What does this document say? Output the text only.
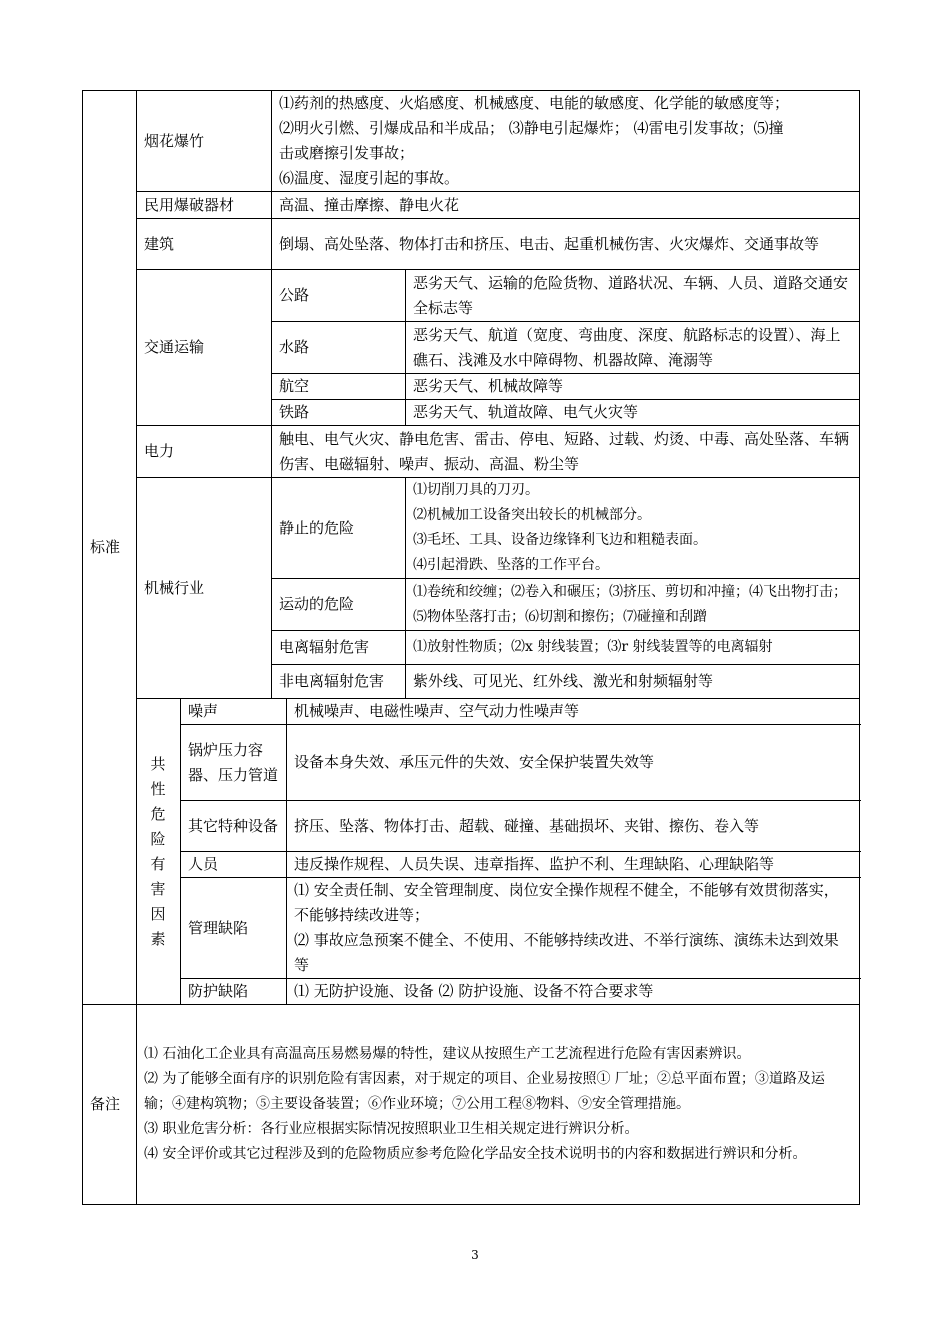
标准	烟花爆竹		⑴药剂的热感度、火焰感度、机械感度、电能的敏感度、化学能的敏感度等；
⑵明火引燃、引爆成品和半成品； ⑶静电引起爆炸； ⑷雷电引发事故；⑸撞
击或磨擦引发事故；
⑹温度、湿度引起的事故。		

	民用爆破器材		高温、撞击摩擦、静电火花		
	建筑		倒塌、高处坠落、物体打击和挤压、电击、起重机械伤害、火灾爆炸、交通事故等		
	交通运输		公路		恶劣天气、运输的危险货物、道路状况、车辆、人员、道路交通安全标志等
			水路		恶劣天气、航道（宽度、弯曲度、深度、航路标志的设置）、海上礁石、浅滩及水中障碍物、机器故障、淹溺等
			航空		恶劣天气、机械故障等
			铁路		恶劣天气、轨道故障、电气火灾等
	电力		触电、电气火灾、静电危害、雷击、停电、短路、过载、灼烫、中毒、高处坠落、车辆伤害、电磁辐射、噪声、振动、高温、粉尘等		
	机械行业		静止的危险		⑴切削刀具的刀刃。
⑵机械加工设备突出较长的机械部分。
⑶毛坯、工具、设备边缘锋利飞边和粗糙表面。
⑷引起滑跌、坠落的工作平台。

			运动的危险		⑴卷统和绞缠；⑵卷入和碾压；⑶挤压、剪切和冲撞；⑷飞出物打击；⑸物体坠落打击；⑹切割和擦伤；⑺碰撞和刮蹭
			电离辐射危害		⑴放射性物质；⑵x 射线装置；⑶r 射线装置等的电离辐射
			非电离辐射危害		紫外线、可见光、红外线、激光和射频辐射等

	共性危险有害因素	噪声		机械噪声、电磁性噪声、空气动力性噪声等	
		锅炉压力容器、压力管道		设备本身失效、承压元件的失效、安全保护装置失效等	
		其它特种设备		挤压、坠落、物体打击、超载、碰撞、基础损坏、夹钳、擦伤、卷入等	
		人员		违反操作规程、人员失误、违章指挥、监护不利、生理缺陷、心理缺陷等	
		管理缺陷		⑴ 安全责任制、安全管理制度、岗位安全操作规程不健全，不能够有效贯彻落实，不能够持续改进等；
⑵ 事故应急预案不健全、不使用、不能够持续改进、不举行演练、演练未达到效果等	

		防护缺陷		⑴ 无防护设施、设备 ⑵ 防护设施、设备不符合要求等	
备注	⑴ 石油化工企业具有高温高压易燃易爆的特性，建议从按照生产工艺流程进行危险有害因素辨识。
⑵ 为了能够全面有序的识别危险有害因素，对于规定的项目、企业易按照① 厂址；②总平面布置；③道路及运输；④建构筑物；⑤主要设备装置；⑥作业环境；⑦公用工程⑧物料、⑨安全管理措施。
⑶ 职业危害分析：各行业应根据实际情况按照职业卫生相关规定进行辨识分析。
⑷ 安全评价或其它过程涉及到的危险物质应参考危险化学品安全技术说明书的内容和数据进行辨识和分析。				
3
